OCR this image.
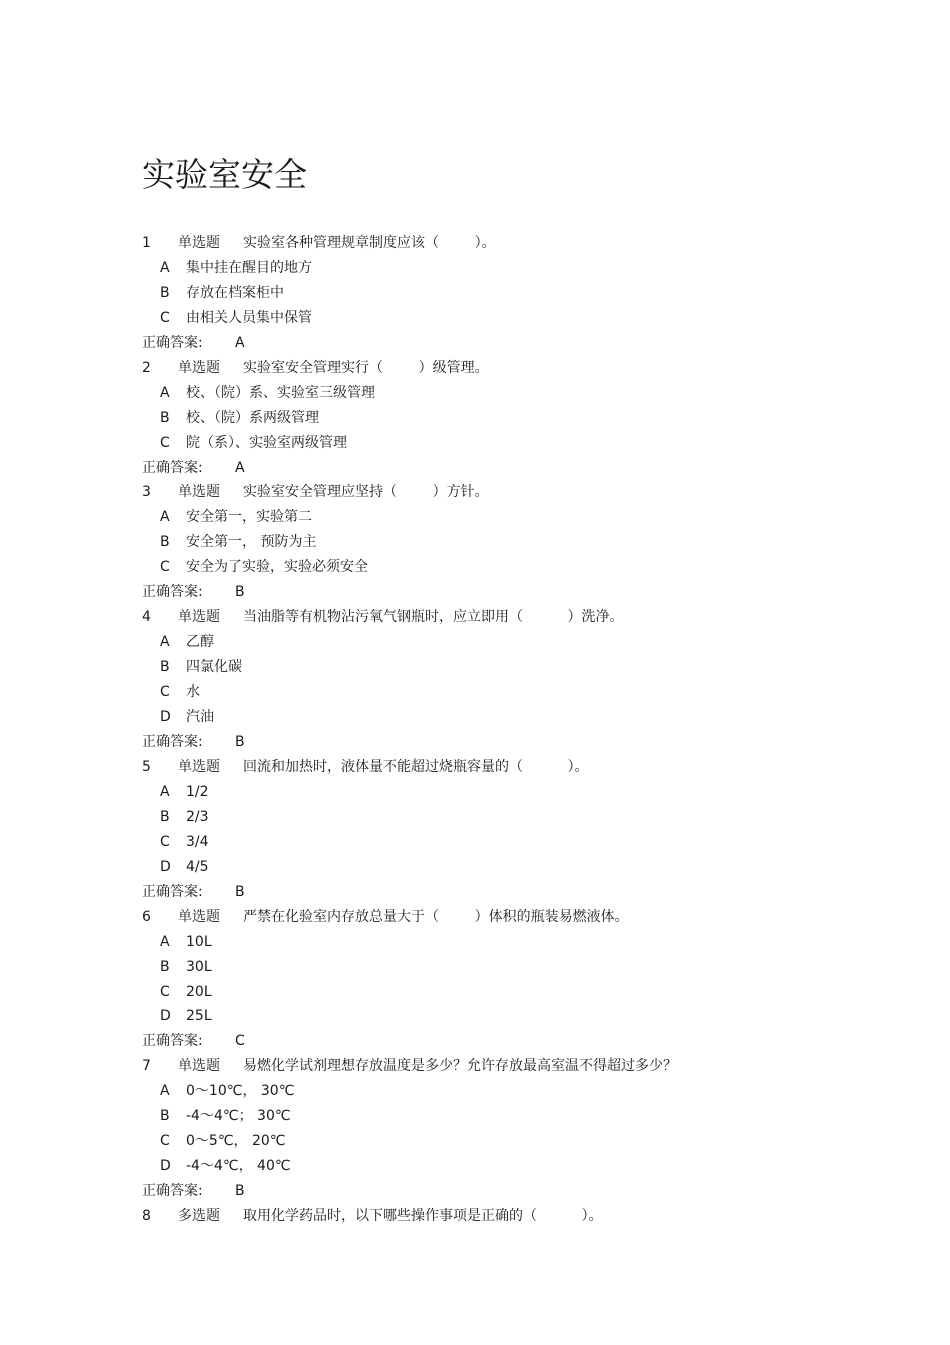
实验室安全
1 单选题 实验室各种管理规章制度应该（        ）。
A 集中挂在醒目的地方
B 存放在档案柜中
C 由相关人员集中保管
正确答案: A
2 单选题 实验室安全管理实行（        ）级管理。
A 校、（院）系、实验室三级管理
B 校、（院）系两级管理
C 院（系）、实验室两级管理
正确答案: A
3 单选题 实验室安全管理应坚持（        ）方针。
A 安全第一，实验第二
B 安全第一， 预防为主
C 安全为了实验，实验必须安全
正确答案: B
4 单选题 当油脂等有机物沾污氧气钢瓶时，应立即用（          ）洗净。
A 乙醇
B 四氯化碳
C 水
D 汽油
正确答案: B
5 单选题 回流和加热时，液体量不能超过烧瓶容量的（          ）。
A 1/2
B 2/3
C 3/4
D 4/5
正确答案: B
6 单选题 严禁在化验室内存放总量大于（        ）体积的瓶装易燃液体。
A 10L
B 30L
C 20L
D 25L
正确答案: C
7 单选题 易燃化学试剂理想存放温度是多少？允许存放最高室温不得超过多少？
A 0～10℃， 30℃
B -4～4℃； 30℃
C 0～5℃， 20℃
D -4～4℃， 40℃
正确答案: B
8 多选题 取用化学药品时，以下哪些操作事项是正确的（          ）。
